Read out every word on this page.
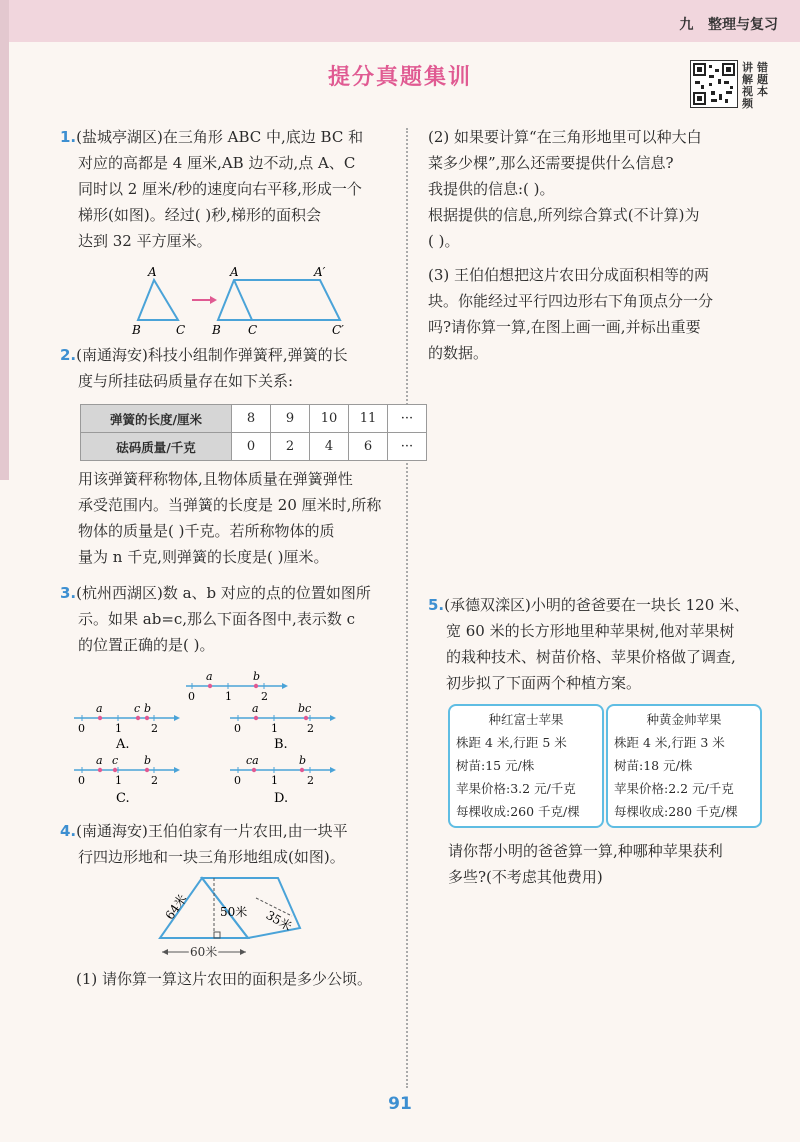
九   整理与复习
提分真题集训	讲
解
视
频
错
题
本
1.(盐城亭湖区)在三角形 ABC 中,底边 BC 和
对应的高都是 4 厘米,AB 边不动,点 A、C
同时以 2 厘米/秒的速度向右平移,形成一个
梯形(如图)。经过( )秒,梯形的面积会
达到 32 平方厘米。
A
B	C
A	A′
B C	C′
2.(南通海安)科技小组制作弹簧秤,弹簧的长
度与所挂砝码质量存在如下关系:
弹簧的长度/厘米	8	9	10	11	···
砝码质量/千克	0	2	4	6	···
用该弹簧秤称物体,且物体质量在弹簧弹性
承受范围内。当弹簧的长度是 20 厘米时,所称
物体的质量是( )千克。若所称物体的质
量为 n 千克,则弹簧的长度是( )厘米。
3.(杭州西湖区)数 a、b 对应的点的位置如图所
示。如果 ab=c,那么下面各图中,表示数 c
的位置正确的是( )。
a	b
0	1	2
a	c b
0	1	2
A.
a	bc
0	1	2
B.
a c b
0	1	2
C.
ca	b
0	1	2
D.
4.(南通海安)王伯伯家有一片农田,由一块平
行四边形地和一块三角形地组成(如图)。
64米	50米 35米
60米
(1) 请你算一算这片农田的面积是多少公顷。
(2) 如果要计算“在三角形地里可以种大白
菜多少棵”,那么还需要提供什么信息?
我提供的信息:( )。
根据提供的信息,所列综合算式(不计算)为
( )。
(3) 王伯伯想把这片农田分成面积相等的两
块。你能经过平行四边形右下角顶点分一分
吗?请你算一算,在图上画一画,并标出重要
的数据。
5.(承德双滦区)小明的爸爸要在一块长 120 米、
宽 60 米的长方形地里种苹果树,他对苹果树
的栽种技术、树苗价格、苹果价格做了调查,
初步拟了下面两个种植方案。
种红富士苹果
株距 4 米,行距 5 米
树苗:15 元/株
苹果价格:3.2 元/千克
每棵收成:260 千克/棵
种黄金帅苹果
株距 4 米,行距 3 米
树苗:18 元/株
苹果价格:2.2 元/千克
每棵收成:280 千克/棵
请你帮小明的爸爸算一算,种哪种苹果获利
多些?(不考虑其他费用)
91
